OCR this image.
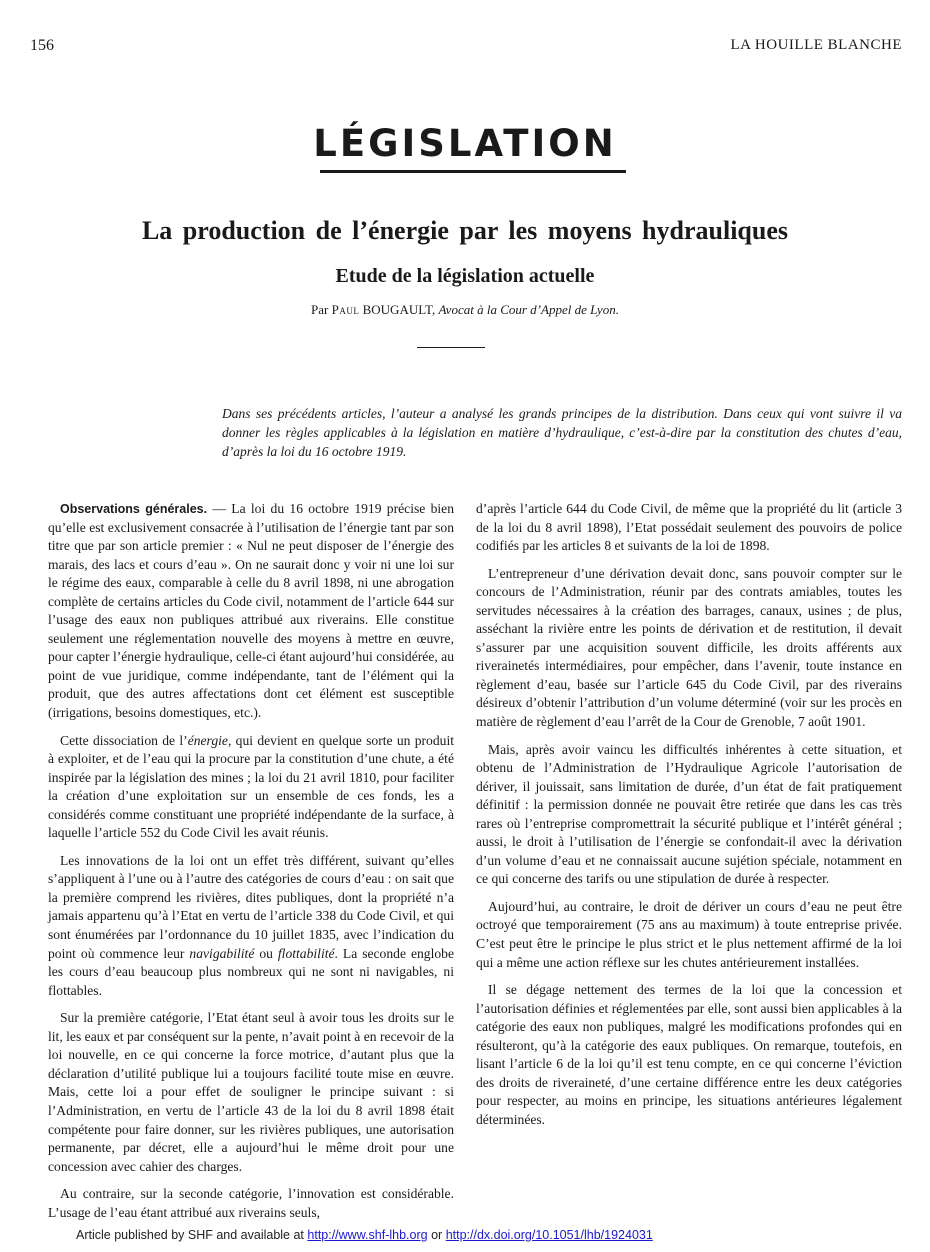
156	LA HOUILLE BLANCHE
LÉGISLATION
La production de l’énergie par les moyens hydrauliques
Etude de la législation actuelle
Par Paul BOUGAULT, Avocat à la Cour d’Appel de Lyon.
Dans ses précédents articles, l’auteur a analysé les grands principes de la distribution. Dans ceux qui vont suivre il va donner les règles applicables à la législation en matière d’hydraulique, c’est-à-dire par la constitution des chutes d’eau, d’après la loi du 16 octobre 1919.

Observations générales. — La loi du 16 octobre 1919 précise bien qu’elle est exclusivement consacrée à l’utilisation de l’énergie tant par son titre que par son article premier : « Nul ne peut disposer de l’énergie des marais, des lacs et cours d’eau ». On ne saurait donc y voir ni une loi sur le régime des eaux, comparable à celle du 8 avril 1898, ni une abrogation complète de certains articles du Code civil, notamment de l’article 644 sur l’usage des eaux non publiques attribué aux riverains. Elle constitue seulement une réglementation nouvelle des moyens à mettre en œuvre, pour capter l’énergie hydraulique, celle-ci étant aujourd’hui considérée, au point de vue juridique, comme indépendante, tant de l’élément qui la produit, que des autres affectations dont cet élément est susceptible (irrigations, besoins domestiques, etc.).

Cette dissociation de l’énergie, qui devient en quelque sorte un produit à exploiter, et de l’eau qui la procure par la constitution d’une chute, a été inspirée par la législation des mines ; la loi du 21 avril 1810, pour faciliter la création d’une exploitation sur un ensemble de ces fonds, les a considérés comme constituant une propriété indépendante de la surface, à laquelle l’article 552 du Code Civil les avait réunis.

Les innovations de la loi ont un effet très différent, suivant qu’elles s’appliquent à l’une ou à l’autre des catégories de cours d’eau : on sait que la première comprend les rivières, dites publiques, dont la propriété n’a jamais appartenu qu’à l’Etat en vertu de l’article 338 du Code Civil, et qui sont énumérées par l’ordonnance du 10 juillet 1835, avec l’indication du point où commence leur navigabilité ou flottabilité. La seconde englobe les cours d’eau beaucoup plus nombreux qui ne sont ni navigables, ni flottables.

Sur la première catégorie, l’Etat étant seul à avoir tous les droits sur le lit, les eaux et par conséquent sur la pente, n’avait point à en recevoir de la loi nouvelle, en ce qui concerne la force motrice, d’autant plus que la déclaration d’utilité publique lui a toujours facilité toute mise en œuvre. Mais, cette loi a pour effet de souligner le principe suivant : si l’Administration, en vertu de l’article 43 de la loi du 8 avril 1898 était compétente pour faire donner, sur les rivières publiques, une autorisation permanente, par décret, elle a aujourd’hui le même droit pour une concession avec cahier des charges.

Au contraire, sur la seconde catégorie, l’innovation est considérable. L’usage de l’eau étant attribué aux riverains seuls,

d’après l’article 644 du Code Civil, de même que la propriété du lit (article 3 de la loi du 8 avril 1898), l’Etat possédait seulement des pouvoirs de police codifiés par les articles 8 et suivants de la loi de 1898.

L’entrepreneur d’une dérivation devait donc, sans pouvoir compter sur le concours de l’Administration, réunir par des contrats amiables, toutes les servitudes nécessaires à la création des barrages, canaux, usines ; de plus, asséchant la rivière entre les points de dérivation et de restitution, il devait s’assurer par une acquisition souvent difficile, les droits afférents aux riverainetés intermédiaires, pour empêcher, dans l’avenir, toute instance en règlement d’eau, basée sur l’article 645 du Code Civil, par des riverains désireux d’obtenir l’attribution d’un volume déterminé (voir sur les procès en matière de règlement d’eau l’arrêt de la Cour de Grenoble, 7 août 1901.

Mais, après avoir vaincu les difficultés inhérentes à cette situation, et obtenu de l’Administration de l’Hydraulique Agricole l’autorisation de dériver, il jouissait, sans limitation de durée, d’un état de fait pratiquement définitif : la permission donnée ne pouvait être retirée que dans les cas très rares où l’entreprise compromettrait la sécurité publique et l’intérêt général ; aussi, le droit à l’utilisation de l’énergie se confondait-il avec la dérivation d’un volume d’eau et ne connaissait aucune sujétion spéciale, notamment en ce qui concerne des tarifs ou une stipulation de durée à respecter.

Aujourd’hui, au contraire, le droit de dériver un cours d’eau ne peut être octroyé que temporairement (75 ans au maximum) à toute entreprise privée. C’est peut être le principe le plus strict et le plus nettement affirmé de la loi qui a même une action réflexe sur les chutes antérieurement installées.

Il se dégage nettement des termes de la loi que la concession et l’autorisation définies et réglementées par elle, sont aussi bien applicables à la catégorie des eaux non publiques, malgré les modifications profondes qui en résulteront, qu’à la catégorie des eaux publiques. On remarque, toutefois, en lisant l’article 6 de la loi qu’il est tenu compte, en ce qui concerne l’éviction des droits de riveraineté, d’une certaine différence entre les deux catégories pour respecter, au moins en principe, les situations antérieures légalement déterminées.

Article published by SHF and available at http://www.shf-lhb.org or http://dx.doi.org/10.1051/lhb/1924031
